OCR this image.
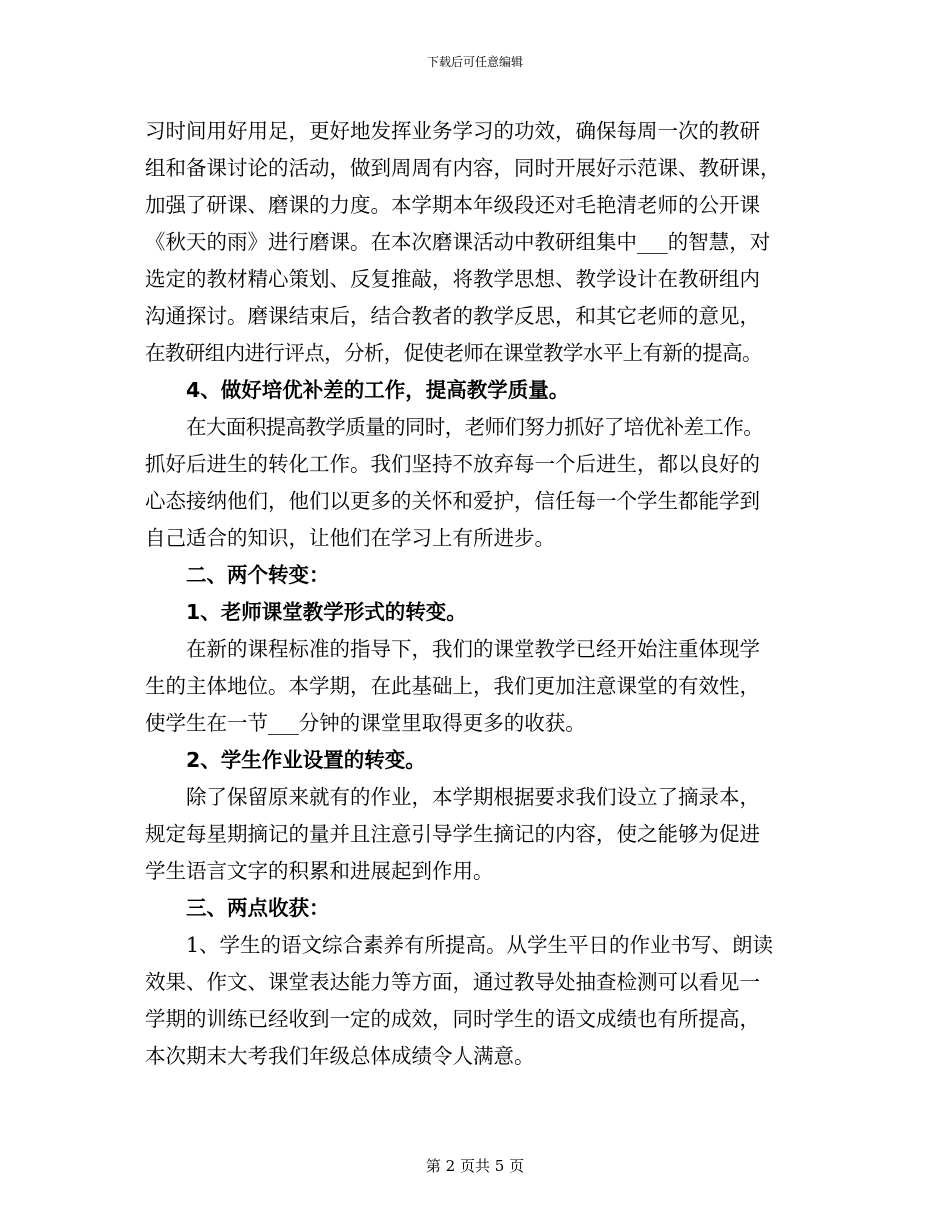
下载后可任意编辑
习时间用好用足，更好地发挥业务学习的功效，确保每周一次的教研
组和备课讨论的活动，做到周周有内容，同时开展好示范课、教研课，
加强了研课、磨课的力度。本学期本年级段还对毛艳清老师的公开课
《秋天的雨》进行磨课。在本次磨课活动中教研组集中___的智慧，对
选定的教材精心策划、反复推敲，将教学思想、教学设计在教研组内
沟通探讨。磨课结束后，结合教者的教学反思，和其它老师的意见，
在教研组内进行评点，分析，促使老师在课堂教学水平上有新的提高。
4、做好培优补差的工作，提高教学质量。
在大面积提高教学质量的同时，老师们努力抓好了培优补差工作。
抓好后进生的转化工作。我们坚持不放弃每一个后进生，都以良好的
心态接纳他们，他们以更多的关怀和爱护，信任每一个学生都能学到
自己适合的知识，让他们在学习上有所进步。
二、两个转变：
1、老师课堂教学形式的转变。
在新的课程标准的指导下，我们的课堂教学已经开始注重体现学
生的主体地位。本学期，在此基础上，我们更加注意课堂的有效性，
使学生在一节___分钟的课堂里取得更多的收获。
2、学生作业设置的转变。
除了保留原来就有的作业，本学期根据要求我们设立了摘录本，
规定每星期摘记的量并且注意引导学生摘记的内容，使之能够为促进
学生语言文字的积累和进展起到作用。
三、两点收获：
1、学生的语文综合素养有所提高。从学生平日的作业书写、朗读
效果、作文、课堂表达能力等方面，通过教导处抽查检测可以看见一
学期的训练已经收到一定的成效，同时学生的语文成绩也有所提高，
本次期末大考我们年级总体成绩令人满意。
第 2 页共 5 页
